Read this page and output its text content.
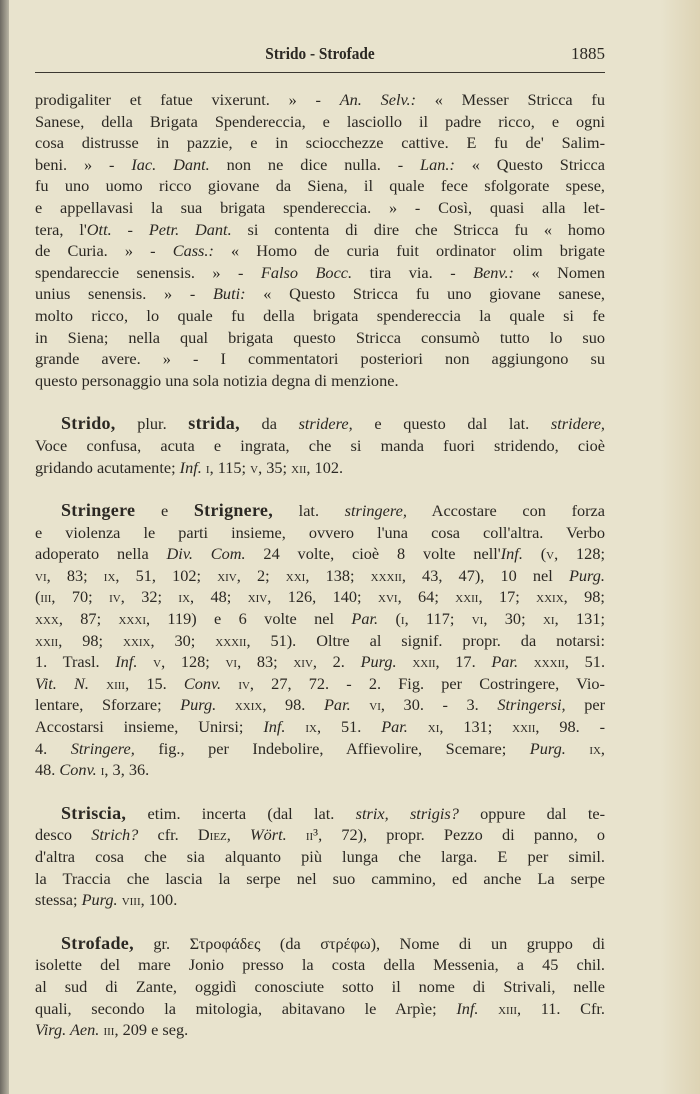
Strido - Strofade	1885
prodigaliter et fatue vixerunt. » - An. Selv.: « Messer Stricca fu
Sanese, della Brigata Spendereccia, e lasciollo il padre ricco, e ogni
cosa distrusse in pazzie, e in sciocchezze cattive. E fu de' Salim-
beni. » - Iac. Dant. non ne dice nulla. - Lan.: « Questo Stricca
fu uno uomo ricco giovane da Siena, il quale fece sfolgorate spese,
e appellavasi la sua brigata spendereccia. » - Così, quasi alla let-
tera, l'Ott. - Petr. Dant. si contenta di dire che Stricca fu « homo
de Curia. » - Cass.: « Homo de curia fuit ordinator olim brigate
spendareccie senensis. » - Falso Bocc. tira via. - Benv.: « Nomen
unius senensis. » - Buti: « Questo Stricca fu uno giovane sanese,
molto ricco, lo quale fu della brigata spendereccia la quale si fe
in Siena; nella qual brigata questo Stricca consumò tutto lo suo
grande avere. » - I commentatori posteriori non aggiungono su
questo personaggio una sola notizia degna di menzione.
Strido, plur. strida, da stridere, e questo dal lat. stridere,
Voce confusa, acuta e ingrata, che si manda fuori stridendo, cioè
gridando acutamente; Inf. i, 115; v, 35; xii, 102.
Stringere e Strignere, lat. stringere, Accostare con forza
e violenza le parti insieme, ovvero l'una cosa coll'altra. Verbo
adoperato nella Div. Com. 24 volte, cioè 8 volte nell'Inf. (v, 128;
vi, 83; ix, 51, 102; xiv, 2; xxi, 138; xxxii, 43, 47), 10 nel Purg.
(iii, 70; iv, 32; ix, 48; xiv, 126, 140; xvi, 64; xxii, 17; xxix, 98;
xxx, 87; xxxi, 119) e 6 volte nel Par. (i, 117; vi, 30; xi, 131;
xxii, 98; xxix, 30; xxxii, 51). Oltre al signif. propr. da notarsi:
1. Trasl. Inf. v, 128; vi, 83; xiv, 2. Purg. xxii, 17. Par. xxxii, 51.
Vit. N. xiii, 15. Conv. iv, 27, 72. - 2. Fig. per Costringere, Vio-
lentare, Sforzare; Purg. xxix, 98. Par. vi, 30. - 3. Stringersi, per
Accostarsi insieme, Unirsi; Inf. ix, 51. Par. xi, 131; xxii, 98. -
4. Stringere, fig., per Indebolire, Affievolire, Scemare; Purg. ix,
48. Conv. i, 3, 36.
Striscia, etim. incerta (dal lat. strix, strigis? oppure dal te-
desco Strich? cfr. Diez, Wört. ii³, 72), propr. Pezzo di panno, o
d'altra cosa che sia alquanto più lunga che larga. E per simil.
la Traccia che lascia la serpe nel suo cammino, ed anche La serpe
stessa; Purg. viii, 100.
Strofade, gr. Στροφάδες (da στρέφω), Nome di un gruppo di
isolette del mare Jonio presso la costa della Messenia, a 45 chil.
al sud di Zante, oggidì conosciute sotto il nome di Strivali, nelle
quali, secondo la mitologia, abitavano le Arpìe; Inf. xiii, 11. Cfr.
Virg. Aen. iii, 209 e seg.
